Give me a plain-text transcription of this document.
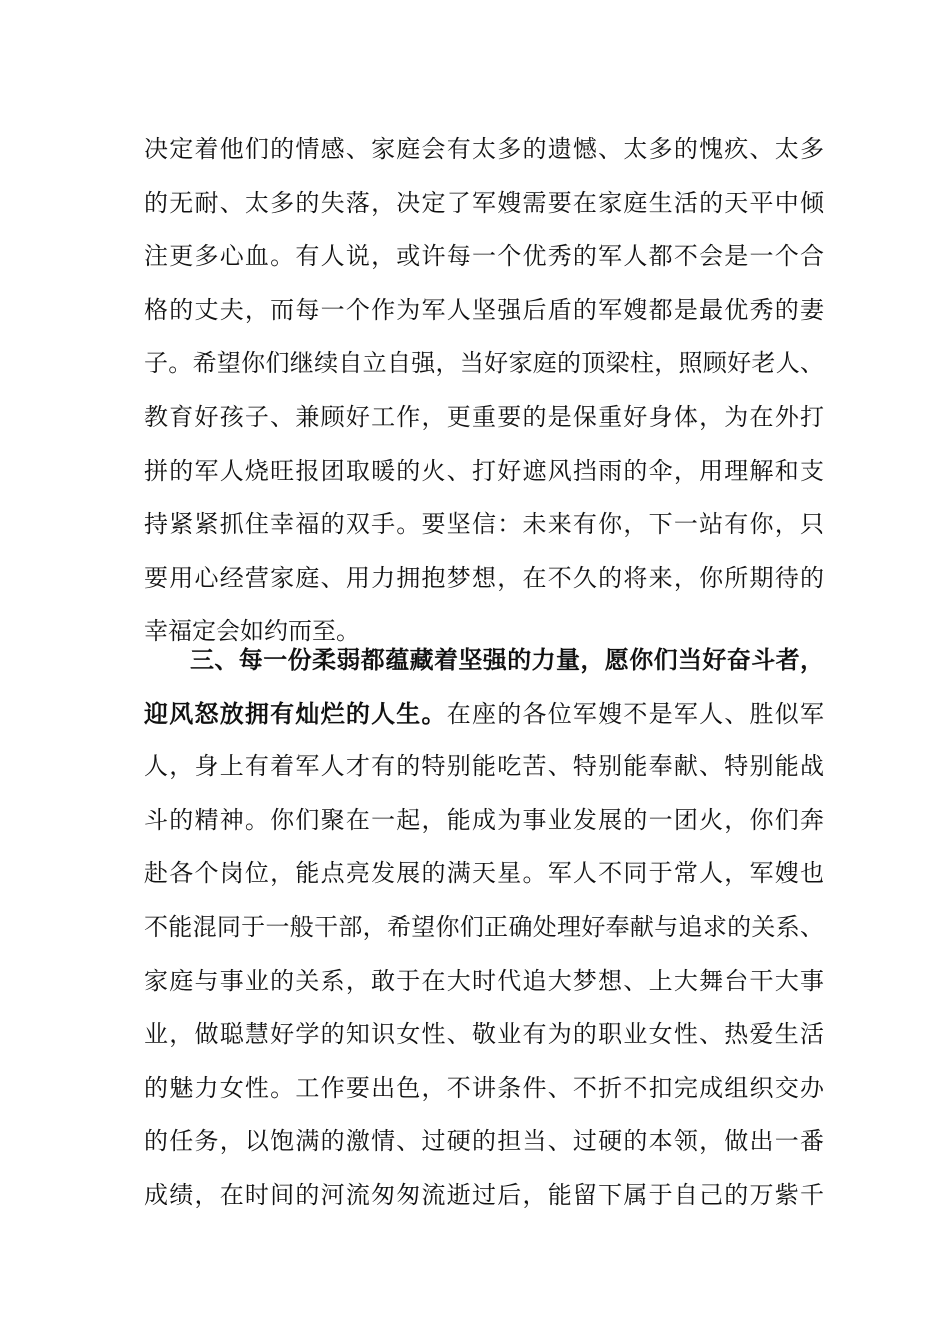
决定着他们的情感、家庭会有太多的遗憾、太多的愧疚、太多
的无耐、太多的失落，决定了军嫂需要在家庭生活的天平中倾
注更多心血。有人说，或许每一个优秀的军人都不会是一个合
格的丈夫，而每一个作为军人坚强后盾的军嫂都是最优秀的妻
子。希望你们继续自立自强，当好家庭的顶梁柱，照顾好老人、
教育好孩子、兼顾好工作，更重要的是保重好身体，为在外打
拼的军人烧旺报团取暖的火、打好遮风挡雨的伞，用理解和支
持紧紧抓住幸福的双手。要坚信：未来有你，下一站有你，只
要用心经营家庭、用力拥抱梦想，在不久的将来，你所期待的
幸福定会如约而至。
三、每一份柔弱都蕴藏着坚强的力量，愿你们当好奋斗者，
迎风怒放拥有灿烂的人生。在座的各位军嫂不是军人、胜似军
人，身上有着军人才有的特别能吃苦、特别能奉献、特别能战
斗的精神。你们聚在一起，能成为事业发展的一团火，你们奔
赴各个岗位，能点亮发展的满天星。军人不同于常人，军嫂也
不能混同于一般干部，希望你们正确处理好奉献与追求的关系、
家庭与事业的关系，敢于在大时代追大梦想、上大舞台干大事
业，做聪慧好学的知识女性、敬业有为的职业女性、热爱生活
的魅力女性。工作要出色，不讲条件、不折不扣完成组织交办
的任务，以饱满的激情、过硬的担当、过硬的本领，做出一番
成绩，在时间的河流匆匆流逝过后，能留下属于自己的万紫千
